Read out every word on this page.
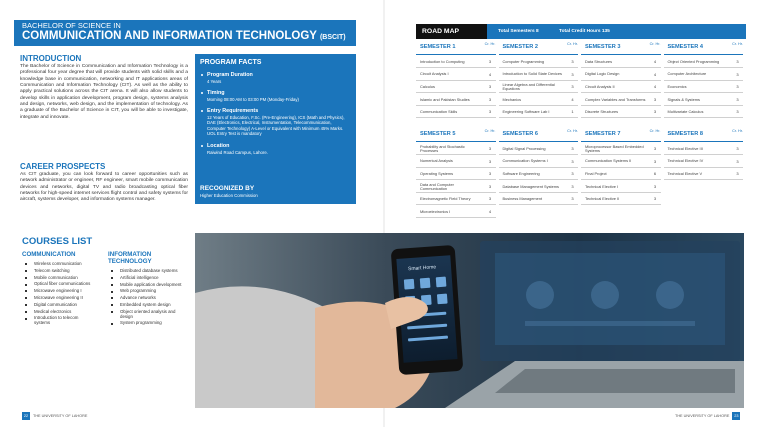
BACHELOR OF SCIENCE IN
COMMUNICATION AND INFORMATION TECHNOLOGY (BSCIT)
INTRODUCTION

The Bachelor of Science in Communication and Information Technology is a professional four year degree that will provide students with solid skills and a knowledge base in communication, networking and IT applications areas of Communication and Information Technology (CIT). As well as the ability to apply practical solutions across the CIT arena. It will also allow students to develop skills in application development, program design, systems analysis and design, networks, web design, and the implementation of technology. As a graduate of the Bachelor of Science in CIT, you will be able to investigate, integrate and innovate.

CAREER PROSPECTS

As CIT graduate, you can look forward to career opportunities such as network administrator or engineer, RF engineer, smart mobile communication devices and networks, digital TV and radio broadcasting optical fiber networks for high-speed internet services flight control and safety systems for aircraft, systems developer, and information systems manager.

PROGRAM FACTS
Program Duration
4 Years
Timing
Morning 08:00 AM to 03:00 PM (Monday-Friday)
Entry Requirements
12 Years of Education, F.Sc. (Pre-Engineering), ICS (Math and Physics), DAE (Electronics, Electrical, Instrumentation, Telecommunication, Computer Technology) A-Level or Equivalent with Minimum 45% Marks. UOL Entry Test is mandatory
Location
Raiwind Road Campus, Lahore.
RECOGNIZED BY
Higher Education Commission
COURSES LIST
COMMUNICATION
Wireless communication
Telecom switching
Mobile communication
Optical fiber communications
Microwave engineering I
Microwave engineering II
Digital communication
Medical electronics
Introduction to telecom systems
INFORMATION TECHNOLOGY
Distributed database systems
Artificial intelligence
Mobile application development
Web programming
Advance networks
Embedded system design
Object oriented analysis and design
System programming
Smart Home
ROAD MAP	Total Semesters 8	Total Credit Hours 135
SEMESTER 1	Cr. Hr.
Introduction to Computing	3
Circuit Analysis I	4
Calculus	3
Islamic and Pakistan Studies	3
Communication Skills	3
SEMESTER 2	Cr. Hr.
Computer Programming	3
Introduction to Solid State Devices	3
Linear Algebra and Differential Equations	3
Mechanics	4
Engineering Software Lab I	1
SEMESTER 3	Cr. Hr.
Data Structures	4
Digital Logic Design	4
Circuit Analysis II	4
Complex Variables and Transforms	3
Discrete Structures	3
SEMESTER 4	Cr. Hr.
Object Oriented Programming	3
Computer Architecture	3
Economics	3
Signals & Systems	3
Multivariate Calculus	3
SEMESTER 5	Cr. Hr.
Probability and Stochastic Processes	3
Numerical Analysis	3
Operating Systems	3
Data and Computer Communication	3
Electromagnetic Field Theory	3
Microelectronics I	4
SEMESTER 6	Cr. Hr.
Digital Signal Processing	3
Communication Systems I	3
Software Engineering	3
Database Management Systems	3
Business Management	3
SEMESTER 7	Cr. Hr.
Microprocessor Based Embedded Systems	3
Communication Systems II	3
Final Project	6
Technical Elective I	3
Technical Elective II	3
SEMESTER 8	Cr. Hr.
Technical Elective III	3
Technical Elective IV	3
Technical Elective V	3
22	THE UNIVERSITY OF LAHORE	THE UNIVERSITY OF LAHORE	23
